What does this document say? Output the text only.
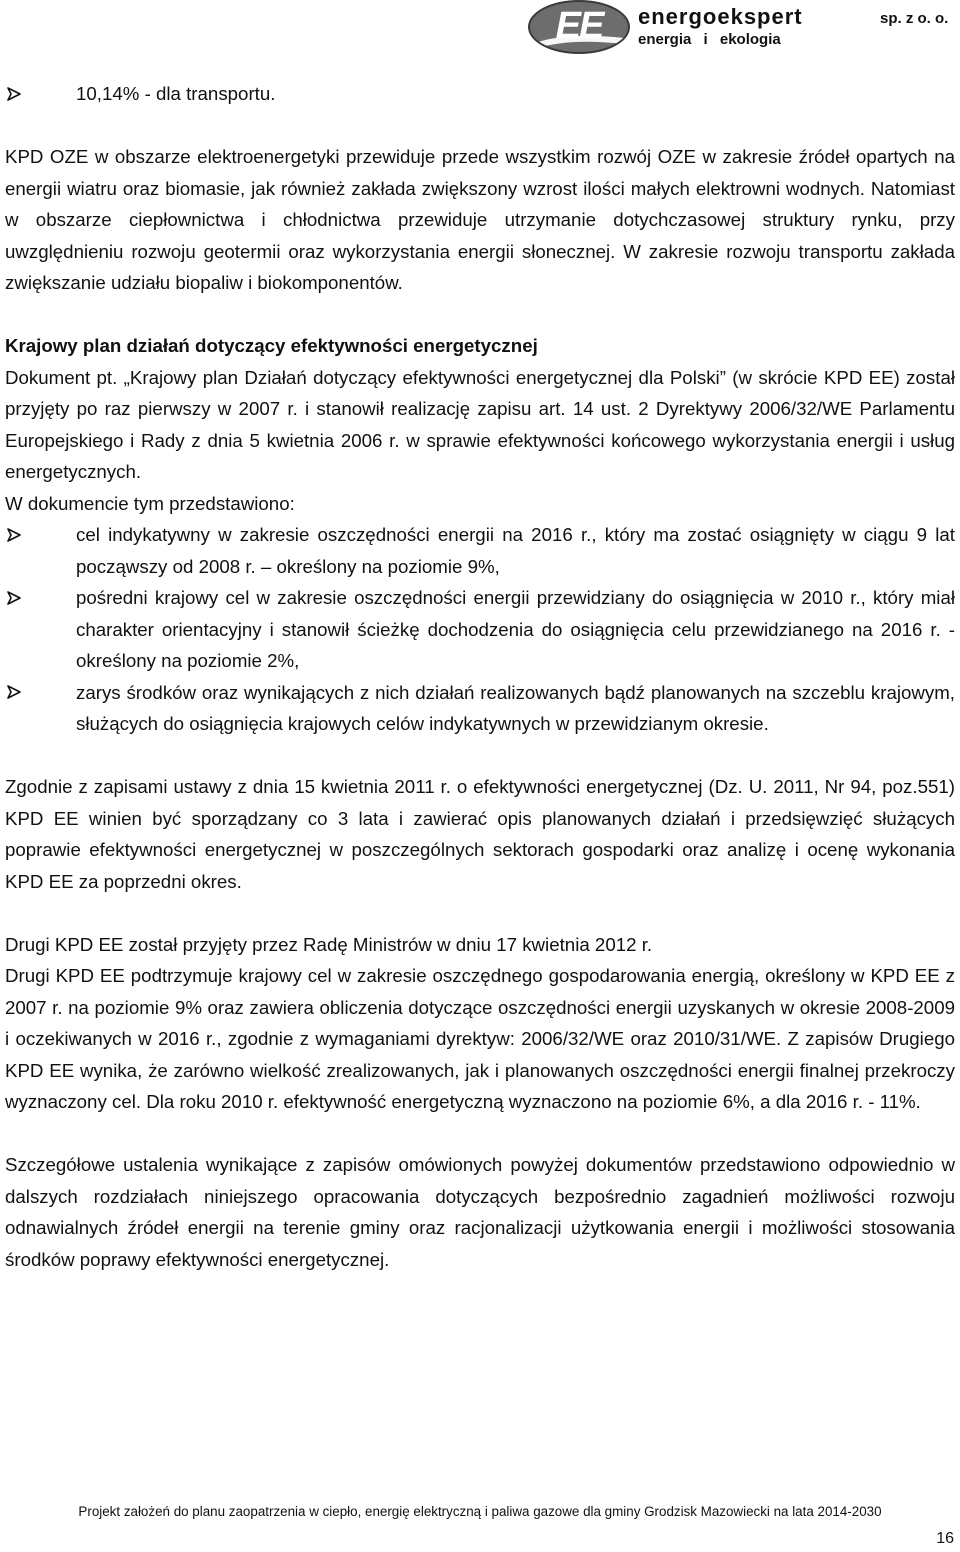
EE	energoekspert	sp. z o. o.
energia i ekologia
10,14% - dla transportu.

KPD OZE w obszarze elektroenergetyki przewiduje przede wszystkim rozwój OZE w zakresie źródeł opartych na energii wiatru oraz biomasie, jak również zakłada zwiększony wzrost ilości małych elektrowni wodnych. Natomiast w obszarze ciepłownictwa i chłodnictwa przewiduje utrzymanie dotychczasowej struktury rynku, przy uwzględnieniu rozwoju geotermii oraz wykorzystania energii słonecznej. W zakresie rozwoju transportu zakłada zwiększanie udziału biopaliw i biokomponentów.

Krajowy plan działań dotyczący efektywności energetycznej

Dokument pt. „Krajowy plan Działań dotyczący efektywności energetycznej dla Polski” (w skrócie KPD EE) został przyjęty po raz pierwszy w 2007 r. i stanowił realizację zapisu art. 14 ust. 2 Dyrektywy 2006/32/WE Parlamentu Europejskiego i Rady z dnia 5 kwietnia 2006 r. w sprawie efektywności końcowego wykorzystania energii i usług energetycznych.

W dokumencie tym przedstawiono:

cel indykatywny w zakresie oszczędności energii na 2016 r., który ma zostać osiągnięty w ciągu 9 lat począwszy od 2008 r. – określony na poziomie 9%,
pośredni krajowy cel w zakresie oszczędności energii przewidziany do osiągnięcia w 2010 r., który miał charakter orientacyjny i stanowił ścieżkę dochodzenia do osiągnięcia celu przewidzianego na 2016 r. - określony na poziomie 2%,
zarys środków oraz wynikających z nich działań realizowanych bądź planowanych na szczeblu krajowym, służących do osiągnięcia krajowych celów indykatywnych w przewidzianym okresie.

Zgodnie z zapisami ustawy z dnia 15 kwietnia 2011 r. o efektywności energetycznej (Dz. U. 2011, Nr 94, poz.551) KPD EE winien być sporządzany co 3 lata i zawierać opis planowanych działań i przedsięwzięć służących poprawie efektywności energetycznej w poszczególnych sektorach gospodarki oraz analizę i ocenę wykonania KPD EE za poprzedni okres.

Drugi KPD EE został przyjęty przez Radę Ministrów w dniu 17 kwietnia 2012 r.

Drugi KPD EE podtrzymuje krajowy cel w zakresie oszczędnego gospodarowania energią, określony w KPD EE z 2007 r. na poziomie 9% oraz zawiera obliczenia dotyczące oszczędności energii uzyskanych w okresie 2008-2009 i oczekiwanych w 2016 r., zgodnie z wymaganiami dyrektyw: 2006/32/WE oraz 2010/31/WE. Z zapisów Drugiego KPD EE wynika, że zarówno wielkość zrealizowanych, jak i planowanych oszczędności energii finalnej przekroczy wyznaczony cel. Dla roku 2010 r. efektywność energetyczną wyznaczono na poziomie 6%, a dla 2016 r. - 11%.

Szczegółowe ustalenia wynikające z zapisów omówionych powyżej dokumentów przedstawiono odpowiednio w dalszych rozdziałach niniejszego opracowania dotyczących bezpośrednio zagadnień możliwości rozwoju odnawialnych źródeł energii na terenie gminy oraz racjonalizacji użytkowania energii i możliwości stosowania środków poprawy efektywności energetycznej.

Projekt założeń do planu zaopatrzenia w ciepło, energię elektryczną i paliwa gazowe dla gminy Grodzisk Mazowiecki na lata 2014-2030
16
